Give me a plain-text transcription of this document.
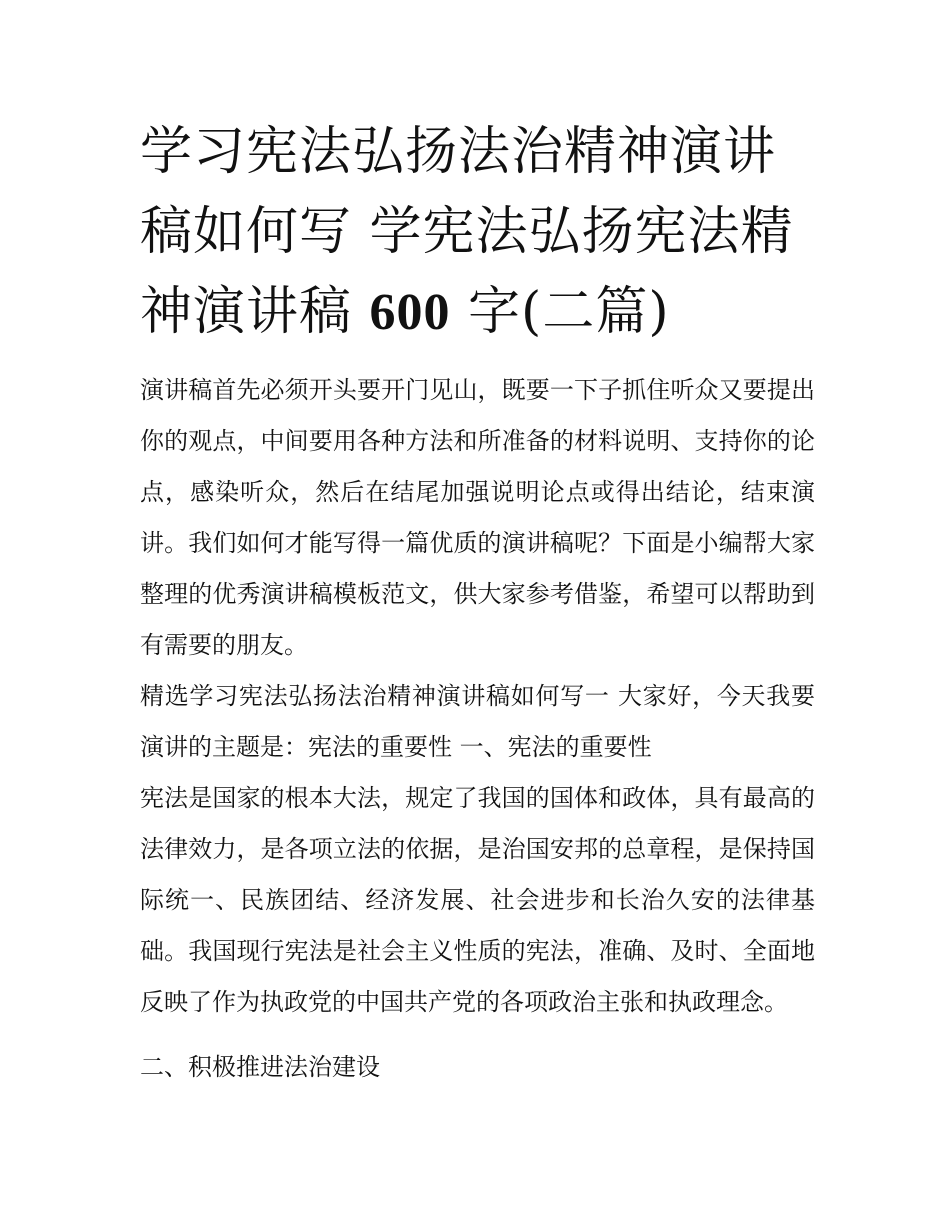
学习宪法弘扬法治精神演讲稿如何写 学宪法弘扬宪法精神演讲稿 600 字(二篇)

演讲稿首先必须开头要开门见山，既要一下子抓住听众又要提出你的观点，中间要用各种方法和所准备的材料说明、支持你的论点，感染听众，然后在结尾加强说明论点或得出结论，结束演讲。我们如何才能写得一篇优质的演讲稿呢？下面是小编帮大家整理的优秀演讲稿模板范文，供大家参考借鉴，希望可以帮助到有需要的朋友。

精选学习宪法弘扬法治精神演讲稿如何写一 大家好，今天我要演讲的主题是：宪法的重要性 一、宪法的重要性

宪法是国家的根本大法，规定了我国的国体和政体，具有最高的法律效力，是各项立法的依据，是治国安邦的总章程，是保持国际统一、民族团结、经济发展、社会进步和长治久安的法律基础。我国现行宪法是社会主义性质的宪法，准确、及时、全面地反映了作为执政党的中国共产党的各项政治主张和执政理念。

二、积极推进法治建设
